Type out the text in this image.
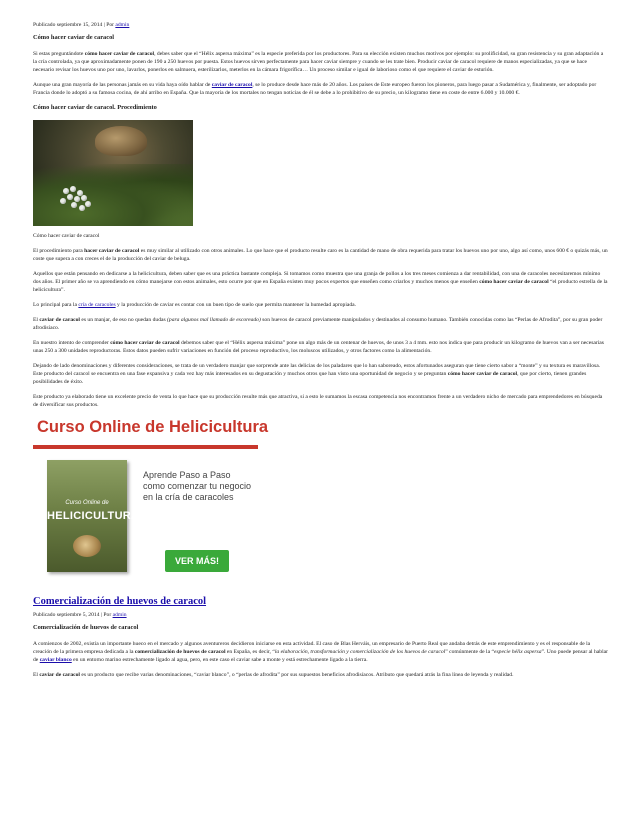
Publicado septiembre 15, 2014 | Por admin
Cómo hacer caviar de caracol

Si estas preguntándote cómo hacer caviar de caracol, debes saber que el “Hélix aspersa máxima” es la especie preferida por los productores. Para su elección existen muchos motivos por ejemplo: su prolificidad, su gran resistencia y su gran adaptación a la cría controlada, ya que aproximadamente ponen de 190 a 250 huevos por puesta. Estos huevos sirven perfectamente para hacer caviar siempre y cuando se les trate bien. Producir caviar de caracol requiere de manos especializadas, ya que se hace necesario revisar los huevos uno por uno, lavarlos, ponerlos en salmuera, esterilizarlos, meterlos en la cámara frigorífica… Un proceso similar e igual de laborioso como el que requiere el caviar de esturión.

Aunque una gran mayoría de las personas jamás en su vida haya oído hablar de caviar de caracol, se lo produce desde hace más de 20 años. Los países de Este europeo fueron los pioneros, para luego pasar a Sudamérica y, finalmente, ser adoptado por Francia donde lo adoptó a su famosa cocina, de ahí arribo en España. Que la mayoría de los mortales no tengan noticias de él se debe a lo prohibitivo de su precio, un kilogramo tiene en coste de entre 6.000 y 10.000 €.

Cómo hacer caviar de caracol. Procedimiento

Cómo hacer caviar de caracol

El procedimiento para hacer caviar de caracol es muy similar al utilizado con otros animales. Lo que hace que el producto resulte caro es la cantidad de mano de obra requerida para tratar los huevos uno por uno, algo así como, unos 600 € o quizás más, un coste que supera a con creces el de la producción del caviar de beluga.

Aquellos que están pensando en dedicarse a la helicicultura, deben saber que es una práctica bastante compleja. Si tomamos como muestra que una granja de pollos a los tres meses comienza a dar rentabilidad, con una de caracoles necesitaremos mínimo dos años. El primer año se va aprendiendo en cómo manejarse con estos animales, esto ocurre por que en España existen muy pocos expertos que enseñen como criarlos y muchos menos que enseñen cómo hacer caviar de caracol “el producto estrella de la helicicultura”.

Lo principal para la cría de caracoles y la producción de caviar es contar con un buen tipo de suelo que permita mantener la humedad apropiada.

El caviar de caracol es un manjar, de eso no quedan dudas (para algunos mal llamado de escoreado) son huevos de caracol previamente manipulados y destinados al consumo humano. También conocidas como las “Perlas de Afrodita”, por su gran poder afrodisíaco.

En nuestro intento de comprender cómo hacer caviar de caracol debemos saber que el “Hélix aspersa máxima” pone un algo más de un centenar de huevos, de unos 3 a 4 mm. esto nos indica que para producir un kilogramo de huevos van a ser necesarias unas 250 a 300 unidades reproductoras. Estos datos pueden sufrir variaciones en función del proceso reproductivo, los moluscos utilizados, y otros factores como la alimentación.

Dejando de lado denominaciones y diferentes consideraciones, se trata de un verdadero manjar que sorprende ante las delicias de los paladares que lo han saboreado, estos afortunados aseguran que tiene cierto sabor a “monte” y su textura es maravillosa. Este producto del caracol se encuentra en una fase expansiva y cada vez hay más interesados en su degustación y muchos otros que han visto una oportunidad de negocio y se preguntan cómo hacer caviar de caracol, que por cierto, tienen grandes posibilidades de éxito.

Este producto ya elaborado tiene un excelente precio de venta lo que hace que su producción resulte más que atractiva, si a esto le sumamos la escasa competencia nos encontramos frente a un verdadero nicho de mercado para emprendedores en búsqueda de diversificar sus productos.

Curso Online de Helicicultura
Curso Online de
HELICICULTURA
Aprende Paso a Paso como comenzar tu negocio en la cría de caracoles
VER MÁS!
Comercialización de huevos de caracol
Publicado septiembre 5, 2014 | Por admin
Comercialización de huevos de caracol

A comienzos de 2002, existía un importante hueco en el mercado y algunos aventureros decidieron iniciarse en esta actividad. El caso de Blas Herváis, un empresario de Puerto Real que andaba detrás de este emprendimiento y es el responsable de la creación de la primera empresa dedicada a la comercialización de huevos de caracol en España, es decir, “la elaboración, transformación y comercialización de los huevos de caracol” comúnmente de la “especie hélix aspersa”. Uno puede pensar al hablar de caviar blanco en un entorno marino estrechamente ligado al agua, pero, en este caso el caviar sabe a monte y está estrechamente ligado a la tierra.

El caviar de caracol es un producto que recibe varias denominaciones, “caviar blanco”, o “perlas de afrodita” por sus supuestos beneficios afrodisíacos. Atributo que quedará atrás la fina línea de leyenda y realidad.
